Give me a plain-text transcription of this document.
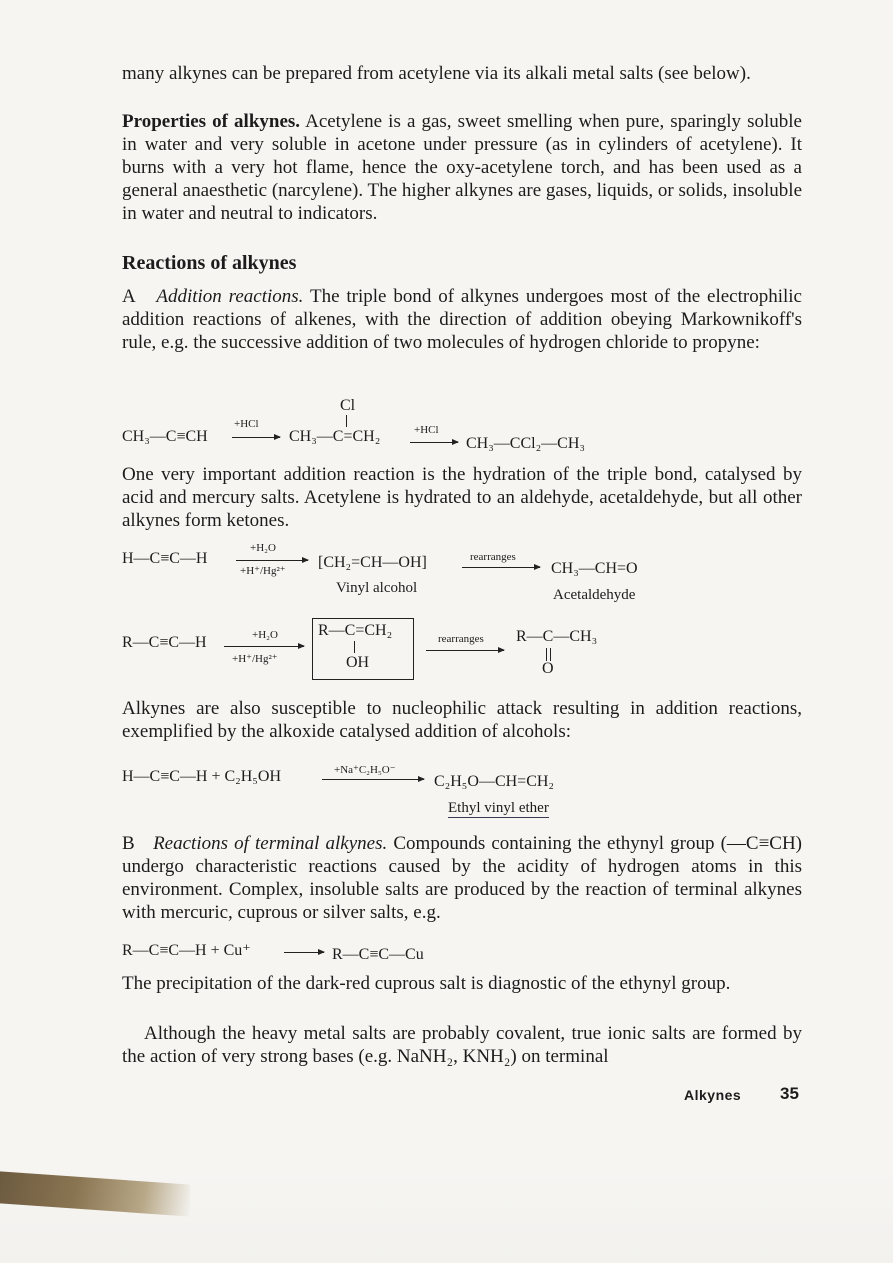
many alkynes can be prepared from acetylene via its alkali metal salts (see below).

Properties of alkynes. Acetylene is a gas, sweet smelling when pure, sparingly soluble in water and very soluble in acetone under pressure (as in cylinders of acetylene). It burns with a very hot flame, hence the oxy-acetylene torch, and has been used as a general anaesthetic (narcylene). The higher alkynes are gases, liquids, or solids, insoluble in water and neutral to indicators.

Reactions of alkynes

A Addition reactions. The triple bond of alkynes undergoes most of the electrophilic addition reactions of alkenes, with the direction of addition obeying Markownikoff's rule, e.g. the successive addition of two molecules of hydrogen chloride to propyne:

CH₃—C≡CH
+HCl
Cl
CH₃—C=CH₂	+HCl
CH₃—CCl₂—CH₃

One very important addition reaction is the hydration of the triple bond, catalysed by acid and mercury salts. Acetylene is hydrated to an aldehyde, acetaldehyde, but all other alkynes form ketones.

H—C≡C—H
+H₂O
+H⁺/Hg²⁺ [CH₂=CH—OH]
Vinyl alcohol
rearranges
CH₃—CH=O
Acetaldehyde
R—C≡C—H	+H₂O
+H⁺/Hg²⁺
R—C=CH₂
OH
rearranges R—C—CH₃
O

Alkynes are also susceptible to nucleophilic attack resulting in addition reactions, exemplified by the alkoxide catalysed addition of alcohols:

H—C≡C—H + C₂H₅OH	+Na⁺C₂H₅O⁻
C₂H₅O—CH=CH₂
Ethyl vinyl ether

B Reactions of terminal alkynes. Compounds containing the ethynyl group (—C≡CH) undergo characteristic reactions caused by the acidity of hydrogen atoms in this environment. Complex, insoluble salts are produced by the reaction of terminal alkynes with mercuric, cuprous or silver salts, e.g.

R—C≡C—H + Cu⁺	R—C≡C—Cu

The precipitation of the dark-red cuprous salt is diagnostic of the ethynyl group.

Although the heavy metal salts are probably covalent, true ionic salts are formed by the action of very strong bases (e.g. NaNH₂, KNH₂) on terminal

Alkynes 35
